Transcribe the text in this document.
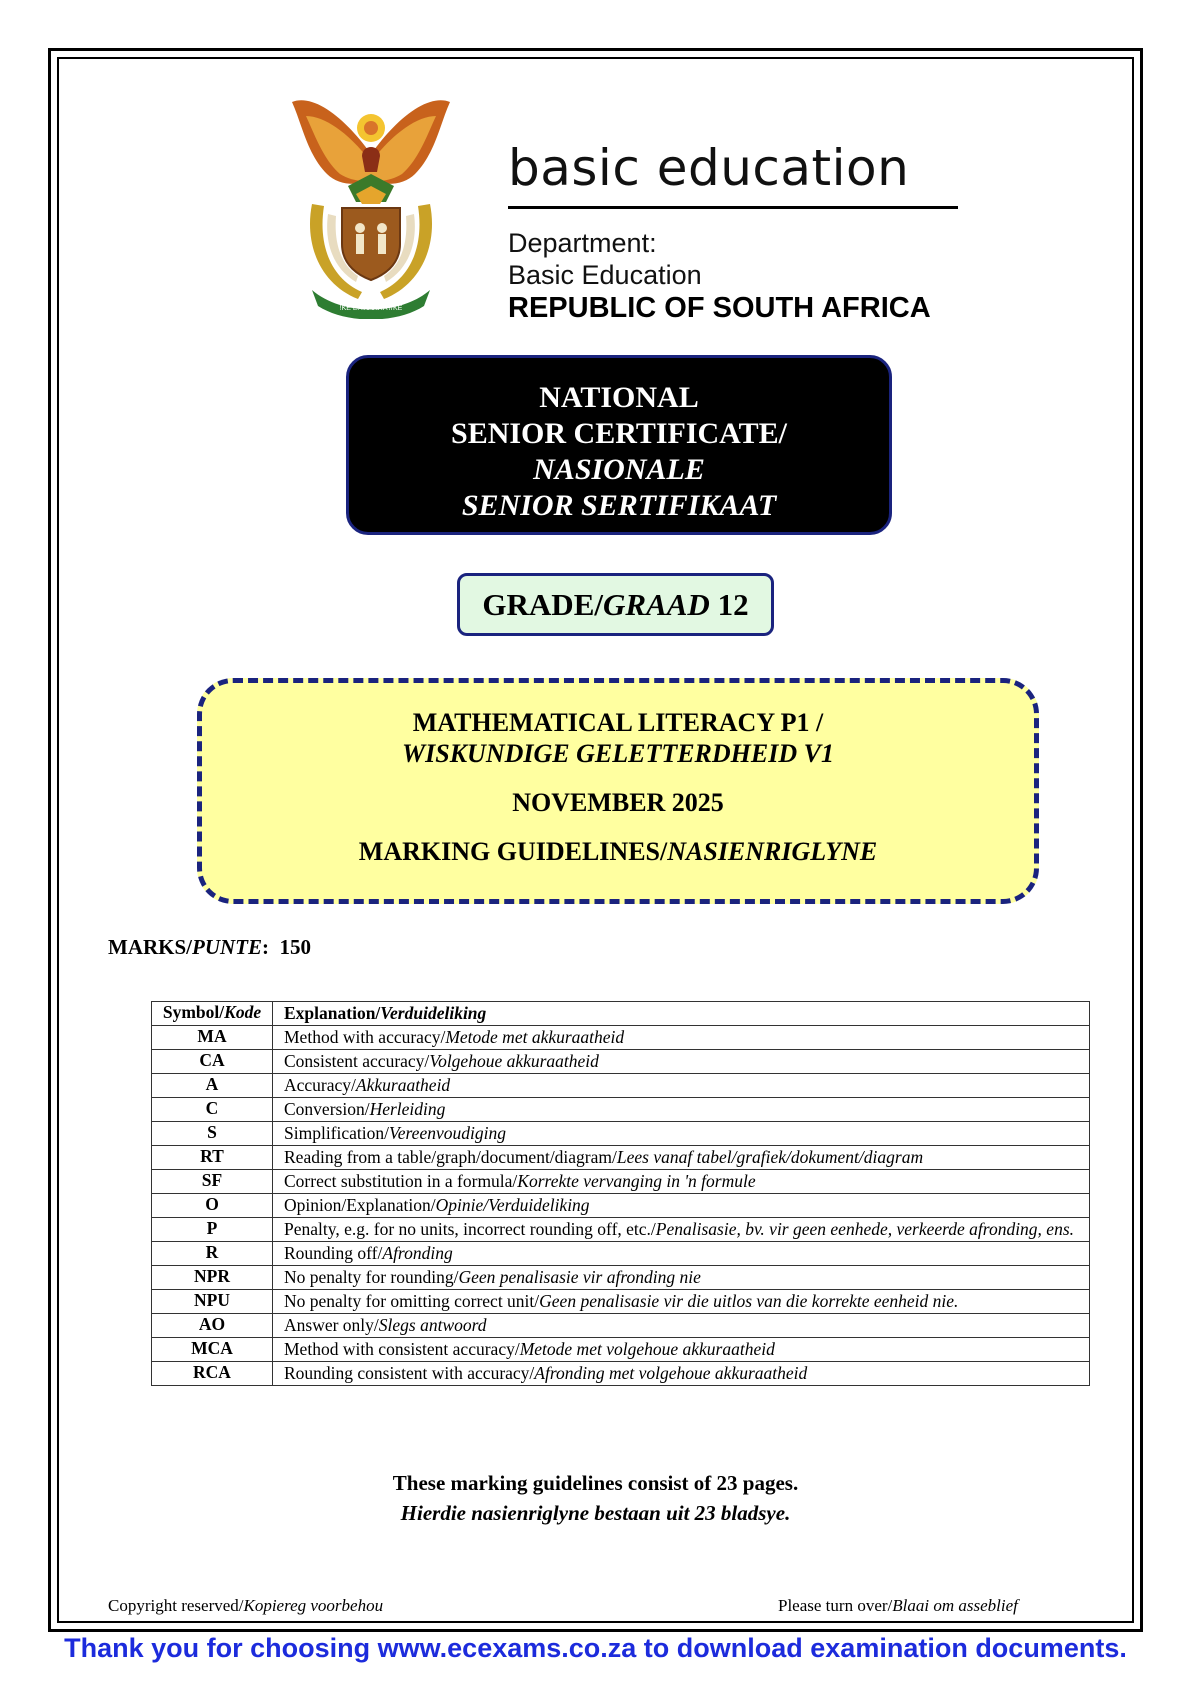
!KE E: /XARRA //KE
basic education
Department:
Basic Education
REPUBLIC OF SOUTH AFRICA
NATIONAL
SENIOR CERTIFICATE/
NASIONALE
SENIOR SERTIFIKAAT
GRADE/GRAAD 12
MATHEMATICAL LITERACY P1 /
WISKUNDIGE GELETTERDHEID V1
NOVEMBER 2025
MARKING GUIDELINES/NASIENRIGLYNE
MARKS/PUNTE:  150
Symbol/Kode	Explanation/Verduideliking
MA	Method with accuracy/Metode met akkuraatheid
CA	Consistent accuracy/Volgehoue akkuraatheid
A	Accuracy/Akkuraatheid
C	Conversion/Herleiding
S	Simplification/Vereenvoudiging
RT	Reading from a table/graph/document/diagram/Lees vanaf tabel/grafiek/dokument/diagram
SF	Correct substitution in a formula/Korrekte vervanging in 'n formule
O	Opinion/Explanation/Opinie/Verduideliking
P	Penalty, e.g. for no units, incorrect rounding off, etc./Penalisasie, bv. vir geen eenhede, verkeerde afronding, ens.
R	Rounding off/Afronding
NPR	No penalty for rounding/Geen penalisasie vir afronding nie
NPU	No penalty for omitting correct unit/Geen penalisasie vir die uitlos van die korrekte eenheid nie.
AO	Answer only/Slegs antwoord
MCA	Method with consistent accuracy/Metode met volgehoue akkuraatheid
RCA	Rounding consistent with accuracy/Afronding met volgehoue akkuraatheid
These marking guidelines consist of 23 pages.
Hierdie nasienriglyne bestaan uit 23 bladsye.
Copyright reserved/Kopiereg voorbehou	Please turn over/Blaai om asseblief
Thank you for choosing www.ecexams.co.za to download examination documents.
